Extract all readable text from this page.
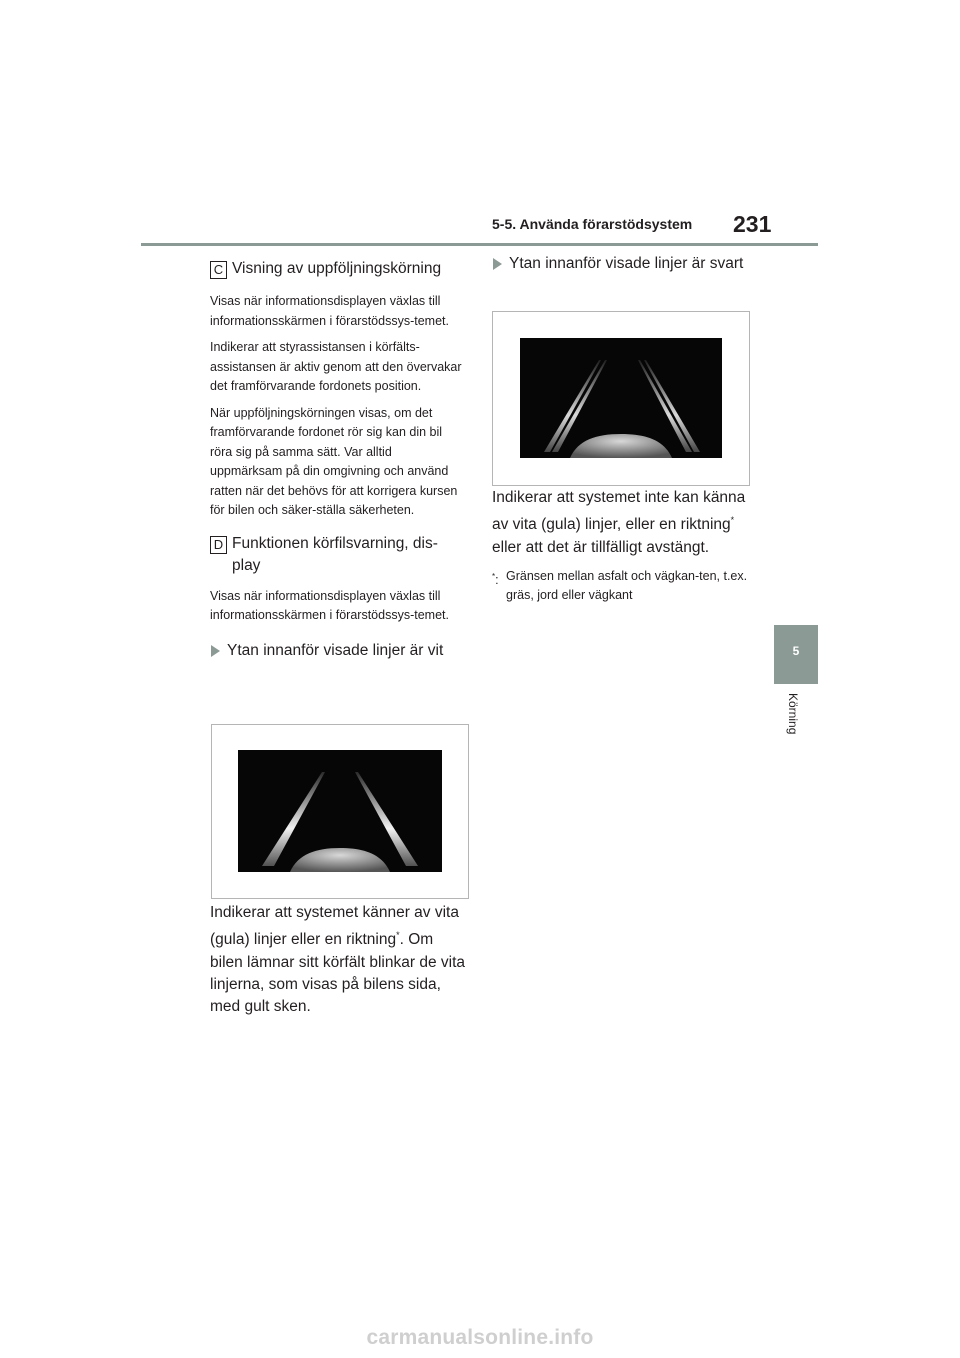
5-5. Använda förarstödsystem 231
5
Körning
C Visning av uppföljningskörning

Visas när informationsdisplayen växlas till informationsskärmen i förarstödssys-temet.

Indikerar att styrassistansen i körfälts-assistansen är aktiv genom att den övervakar det framförvarande fordonets position.

När uppföljningskörningen visas, om det framförvarande fordonet rör sig kan din bil röra sig på samma sätt. Var alltid uppmärksam på din omgivning och använd ratten när det behövs för att korrigera kursen för bilen och säker-ställa säkerheten.

D Funktionen körfilsvarning, dis-
play

Visas när informationsdisplayen växlas till informationsskärmen i förarstödssys-temet.

Ytan innanför visade linjer är vit

Indikerar att systemet känner av vita (gula) linjer eller en riktning*. Om bilen lämnar sitt körfält blinkar de vita linjerna, som visas på bilens sida, med gult sken.

Ytan innanför visade linjer är svart

Indikerar att systemet inte kan känna av vita (gula) linjer, eller en riktning* eller att det är tillfälligt avstängt.

*: Gränsen mellan asfalt och vägkan-ten, t.ex. gräs, jord eller vägkant
carmanualsonline.info
